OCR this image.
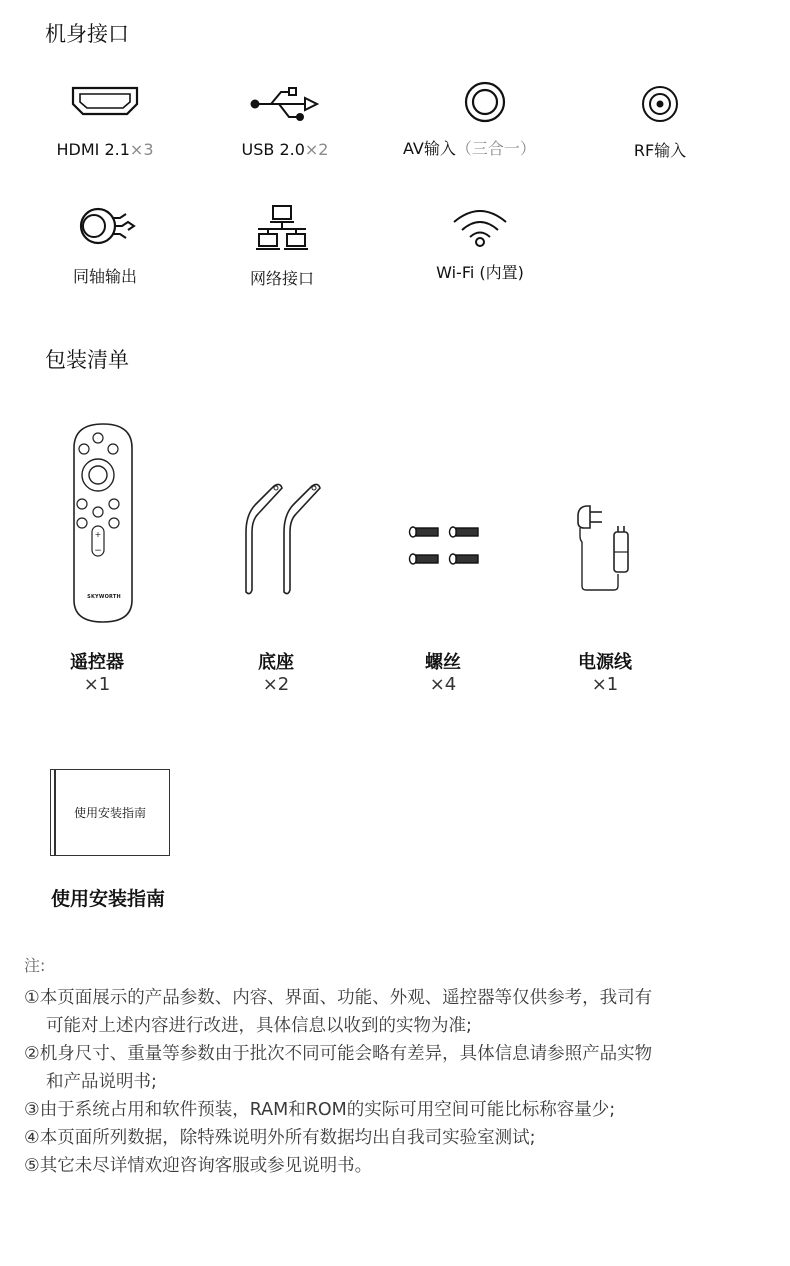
机身接口
HDMI 2.1×3	USB 2.0×2	AV输入（三合一）	RF输入
同轴输出	网络接口	Wi-Fi (内置)
包装清单
+
−
SKYWORTH
遥控器
×1
底座
×2
螺丝
×4
电源线
×1
使用安装指南
使用安装指南
注:
①本页面展示的产品参数、内容、界面、功能、外观、遥控器等仅供参考，我司有
可能对上述内容进行改进，具体信息以收到的实物为准;
②机身尺寸、重量等参数由于批次不同可能会略有差异，具体信息请参照产品实物
和产品说明书;
③由于系统占用和软件预装，RAM和ROM的实际可用空间可能比标称容量少;
④本页面所列数据，除特殊说明外所有数据均出自我司实验室测试;
⑤其它未尽详情欢迎咨询客服或参见说明书。
